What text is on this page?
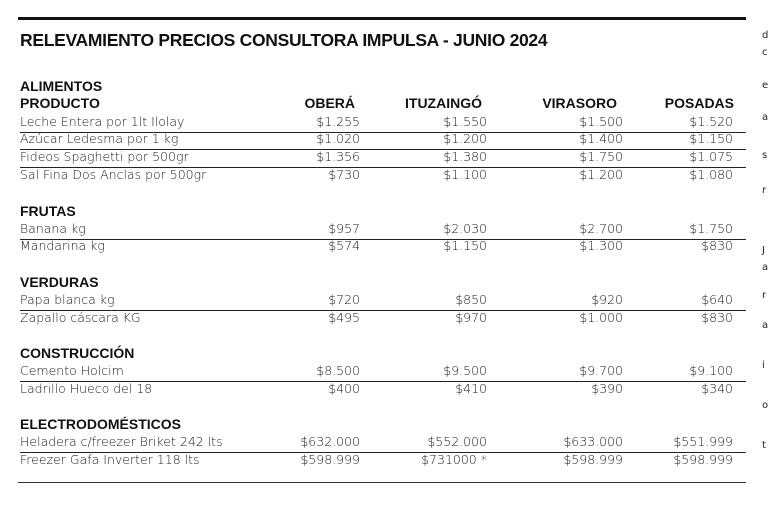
RELEVAMIENTO PRECIOS CONSULTORA IMPULSA - JUNIO 2024
ALIMENTOS
PRODUCTO	OBERÁ	ITUZAINGÓ	VIRASORO	POSADAS
Leche Entera por 1lt Ilolay	$1.255	$1.550	$1.500	$1.520
Azúcar Ledesma por 1 kg	$1.020	$1.200	$1.400	$1.150
Fideos Spaghetti por 500gr	$1.356	$1.380	$1.750	$1.075
Sal Fina Dos Anclas por 500gr	$730	$1.100	$1.200	$1.080
FRUTAS
Banana kg	$957	$2.030	$2.700	$1.750
Mandarina kg	$574	$1.150	$1.300	$830
VERDURAS
Papa blanca kg	$720	$850	$920	$640
Zapallo cáscara KG	$495	$970	$1.000	$830
CONSTRUCCIÓN
Cemento Holcim	$8.500	$9.500	$9.700	$9.100
Ladrillo Hueco del 18	$400	$410	$390	$340
ELECTRODOMÉSTICOS
Heladera c/freezer Briket 242 lts	$632.000	$552.000	$633.000	$551.999
Freezer Gafa Inverter 118 lts	$598.999	$731000 *	$598.999	$598.999
d
c
e
a
s
r
J
a
r
a
i
o
t
